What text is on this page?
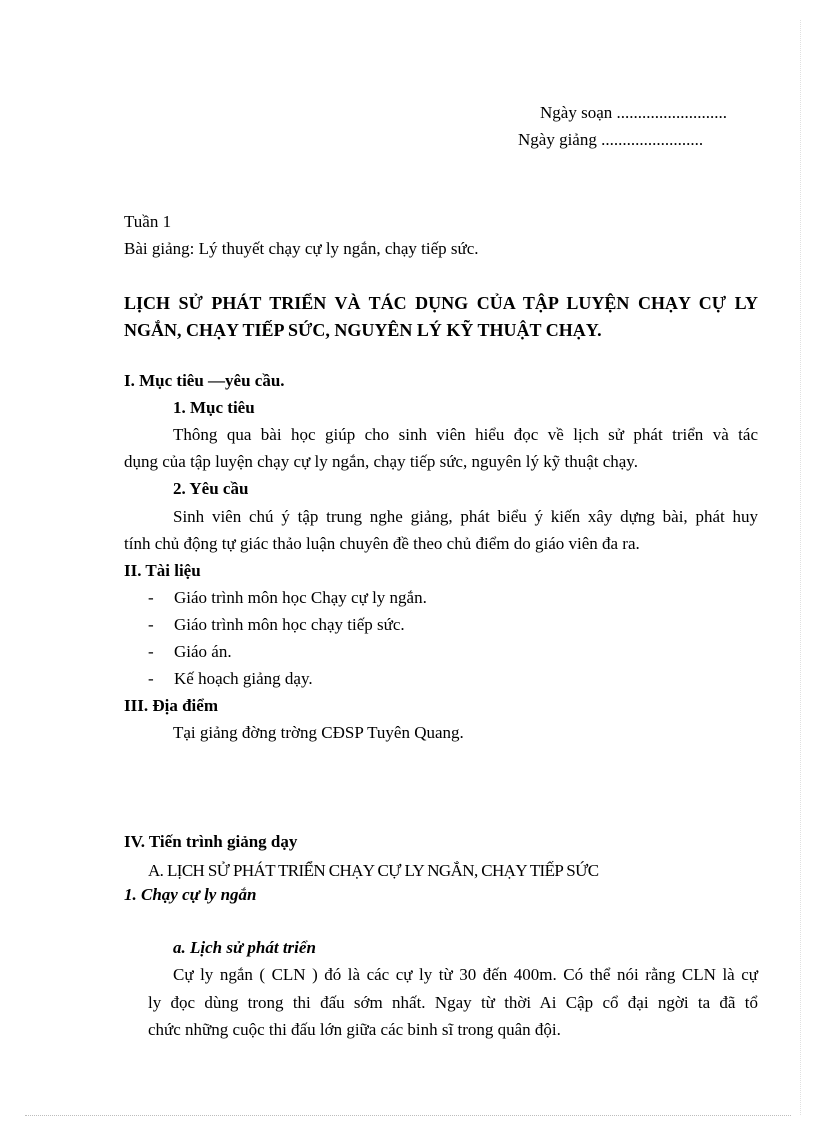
Ngày soạn ..........................
Ngày giảng ........................
Tuần 1
Bài giảng: Lý thuyết chạy cự ly ngắn, chạy tiếp sức.
LỊCH SỬ PHÁT TRIỂN VÀ TÁC DỤNG CỦA TẬP LUYỆN CHẠY CỰ LY
NGẮN, CHẠY TIẾP SỨC, NGUYÊN LÝ KỸ THUẬT CHẠY.
I. Mục tiêu —yêu cầu.
1. Mục tiêu
Thông qua bài học giúp cho sinh viên hiểu đọc về lịch sử phát triển và tác
dụng của tập luyện chạy cự ly ngắn, chạy tiếp sức, nguyên lý kỹ thuật chạy.
2. Yêu cầu
Sinh viên chú ý tập trung nghe giảng, phát biểu ý kiến xây dựng bài, phát huy
tính chủ động tự giác thảo luận chuyên đề theo chủ điểm do giáo viên đa ra.
II. Tài liệu
- Giáo trình môn học Chạy cự ly ngắn.
- Giáo trình môn học chạy tiếp sức.
- Giáo án.
- Kế hoạch giảng dạy.
III. Địa điểm
Tại giảng đờng trờng CĐSP Tuyên Quang.
IV. Tiến trình giảng dạy
A. LỊCH SỬ PHÁT TRIỂN CHẠY CỰ LY NGẮN, CHẠY TIẾP SỨC
1. Chạy cự ly ngắn
a. Lịch sử phát triển
Cự ly ngắn ( CLN ) đó là các cự ly từ 30 đến 400m. Có thể nói rằng CLN là cự
ly đọc dùng trong thi đấu sớm nhất. Ngay từ thời Ai Cập cổ đại ngời ta đã tổ
chức những cuộc thi đấu lớn giữa các binh sĩ trong quân đội.
